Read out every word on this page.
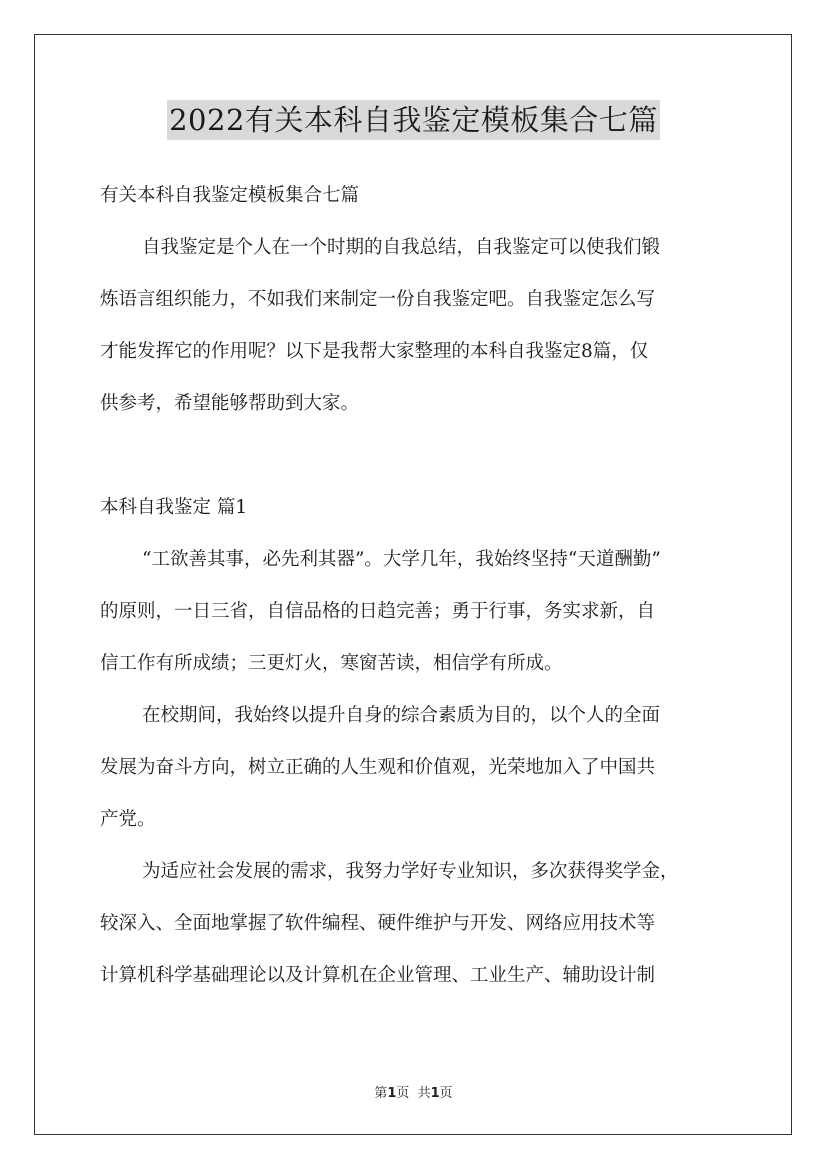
2022有关本科自我鉴定模板集合七篇
有关本科自我鉴定模板集合七篇
自我鉴定是个人在一个时期的自我总结，自我鉴定可以使我们锻
炼语言组织能力，不如我们来制定一份自我鉴定吧。自我鉴定怎么写
才能发挥它的作用呢？以下是我帮大家整理的本科自我鉴定8篇，仅
供参考，希望能够帮助到大家。
本科自我鉴定 篇1
“工欲善其事，必先利其器”。大学几年，我始终坚持“天道酬勤”
的原则，一日三省，自信品格的日趋完善；勇于行事，务实求新，自
信工作有所成绩；三更灯火，寒窗苦读，相信学有所成。
在校期间，我始终以提升自身的综合素质为目的，以个人的全面
发展为奋斗方向，树立正确的人生观和价值观，光荣地加入了中国共
产党。
为适应社会发展的需求，我努力学好专业知识，多次获得奖学金，
较深入、全面地掌握了软件编程、硬件维护与开发、网络应用技术等
计算机科学基础理论以及计算机在企业管理、工业生产、辅助设计制
第1页  共1页
